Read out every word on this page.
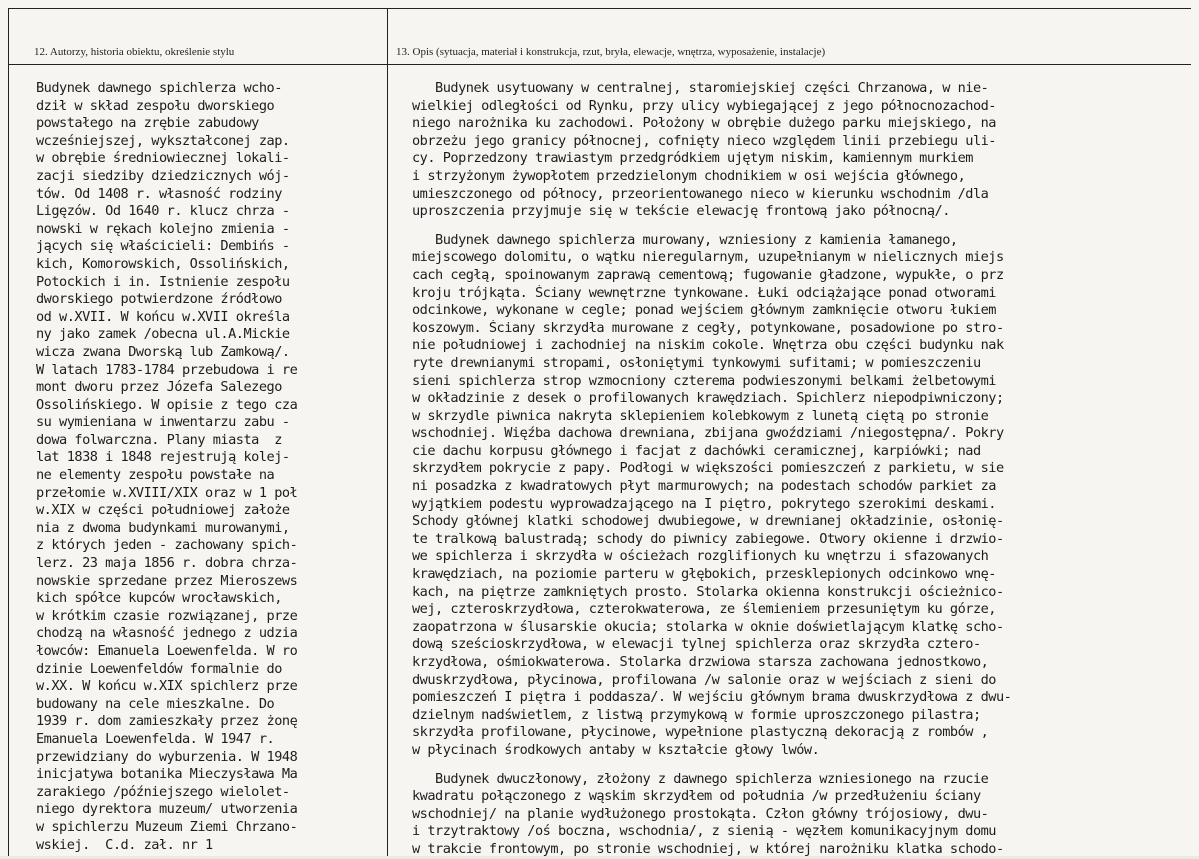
12. Autorzy, historia obiektu, określenie stylu	13. Opis (sytuacja, materiał i konstrukcja, rzut, bryła, elewacje, wnętrza, wyposażenie, instalacje)
Budynek dawnego spichlerza wcho-
dził w skład zespołu dworskiego
powstałego na zrębie zabudowy
wcześniejszej, wykształconej zap.
w obrębie średniowiecznej lokali-
zacji siedziby dziedzicznych wój-
tów. Od 1408 r. własność rodziny
Ligęzów. Od 1640 r. klucz chrza -
nowski w rękach kolejno zmienia -
jących się właścicieli: Dembińs -
kich, Komorowskich, Ossolińskich,
Potockich i in. Istnienie zespołu
dworskiego potwierdzone źródłowo
od w.XVII. W końcu w.XVII określa
ny jako zamek /obecna ul.A.Mickie
wicza zwana Dworską lub Zamkową/.
W latach 1783-1784 przebudowa i re
mont dworu przez Józefa Salezego
Ossolińskiego. W opisie z tego cza
su wymieniana w inwentarzu zabu -
dowa folwarczna. Plany miasta  z
lat 1838 i 1848 rejestrują kolej-
ne elementy zespołu powstałe na
przełomie w.XVIII/XIX oraz w 1 poł
w.XIX w części południowej założe
nia z dwoma budynkami murowanymi,
z których jeden - zachowany spich-
lerz. 23 maja 1856 r. dobra chrza-
nowskie sprzedane przez Mieroszews
kich spółce kupców wrocławskich,
w krótkim czasie rozwiązanej, prze
chodzą na własność jednego z udzia
łowców: Emanuela Loewenfelda. W ro
dzinie Loewenfeldów formalnie do
w.XX. W końcu w.XIX spichlerz prze
budowany na cele mieszkalne. Do
1939 r. dom zamieszkały przez żonę
Emanuela Loewenfelda. W 1947 r.
przewidziany do wyburzenia. W 1948
inicjatywa botanika Mieczysława Ma
zarakiego /późniejszego wielolet-
niego dyrektora muzeum/ utworzenia
w spichlerzu Muzeum Ziemi Chrzano-
wskiej.  C.d. zał. nr 1
Budynek usytuowany w centralnej, staromiejskiej części Chrzanowa, w nie-
wielkiej odległości od Rynku, przy ulicy wybiegającej z jego północnozachod-
niego narożnika ku zachodowi. Położony w obrębie dużego parku miejskiego, na
obrzeżu jego granicy północnej, cofnięty nieco względem linii przebiegu uli-
cy. Poprzedzony trawiastym przedgródkiem ujętym niskim, kamiennym murkiem
i strzyżonym żywopłotem przedzielonym chodnikiem w osi wejścia głównego,
umieszczonego od północy, przeorientowanego nieco w kierunku wschodnim /dla
uproszczenia przyjmuje się w tekście elewację frontową jako północną/.
Budynek dawnego spichlerza murowany, wzniesiony z kamienia łamanego,
miejscowego dolomitu, o wątku nieregularnym, uzupełnianym w nielicznych miejs
cach cegłą, spoinowanym zaprawą cementową; fugowanie gładzone, wypukłe, o prz
kroju trójkąta. Ściany wewnętrzne tynkowane. Łuki odciążające ponad otworami
odcinkowe, wykonane w cegle; ponad wejściem głównym zamknięcie otworu łukiem
koszowym. Ściany skrzydła murowane z cegły, potynkowane, posadowione po stro-
nie południowej i zachodniej na niskim cokole. Wnętrza obu części budynku nak
ryte drewnianymi stropami, osłoniętymi tynkowymi sufitami; w pomieszczeniu
sieni spichlerza strop wzmocniony czterema podwieszonymi belkami żelbetowymi
w okładzinie z desek o profilowanych krawędziach. Spichlerz niepodpiwniczony;
w skrzydle piwnica nakryta sklepieniem kolebkowym z lunetą ciętą po stronie
wschodniej. Więźba dachowa drewniana, zbijana gwoździami /niegostępna/. Pokry
cie dachu korpusu głównego i facjat z dachówki ceramicznej, karpiówki; nad
skrzydłem pokrycie z papy. Podłogi w większości pomieszczeń z parkietu, w sie
ni posadzka z kwadratowych płyt marmurowych; na podestach schodów parkiet za
wyjątkiem podestu wyprowadzającego na I piętro, pokrytego szerokimi deskami.
Schody głównej klatki schodowej dwubiegowe, w drewnianej okładzinie, osłonię-
te tralkową balustradą; schody do piwnicy zabiegowe. Otwory okienne i drzwio-
we spichlerza i skrzydła w ościeżach rozglifionych ku wnętrzu i sfazowanych
krawędziach, na poziomie parteru w głębokich, przesklepionych odcinkowo wnę-
kach, na piętrze zamkniętych prosto. Stolarka okienna konstrukcji ościeżnico-
wej, czteroskrzydłowa, czterokwaterowa, ze ślemieniem przesuniętym ku górze,
zaopatrzona w ślusarskie okucia; stolarka w oknie doświetlającym klatkę scho-
dową sześcioskrzydłowa, w elewacji tylnej spichlerza oraz skrzydła cztero-
krzydłowa, ośmiokwaterowa. Stolarka drzwiowa starsza zachowana jednostkowo,
dwuskrzydłowa, płycinowa, profilowana /w salonie oraz w wejściach z sieni do
pomieszczeń I piętra i poddasza/. W wejściu głównym brama dwuskrzydłowa z dwu-
dzielnym nadświetlem, z listwą przymykową w formie uproszczonego pilastra;
skrzydła profilowane, płycinowe, wypełnione plastyczną dekoracją z rombów ,
w płycinach środkowych antaby w kształcie głowy lwów.
Budynek dwuczłonowy, złożony z dawnego spichlerza wzniesionego na rzucie
kwadratu połączonego z wąskim skrzydłem od południa /w przedłużeniu ściany
wschodniej/ na planie wydłużonego prostokąta. Człon główny trójosiowy, dwu-
i trzytraktowy /oś boczna, wschodnia/, z sienią - węzłem komunikacyjnym domu
w trakcie frontowym, po stronie wschodniej, w której narożniku klatka schodo-
